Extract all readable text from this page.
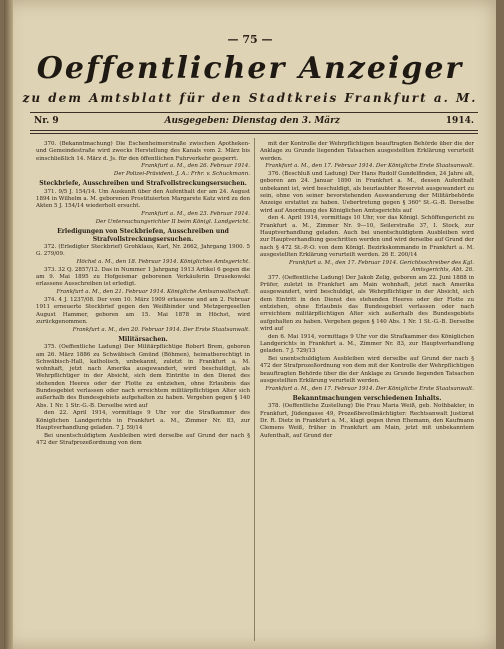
— 75 —
Oeffentlicher Anzeiger
zu dem Amtsblatt für den Stadtkreis Frankfurt a. M.
Nr. 9	Ausgegeben: Dienstag den 3. März	1914.

370. (Bekanntmachung) Die Eschenheimerstraße zwischen Apotheken- und Gemeindestraße wird zwecks Herstellung des Kanals vom 2. März bis einschließlich 14. März d. Js. für den öffentlichen Fuhrverkehr gesperrt.

Frankfurt a. M., den 26. Februar 1914.

Der Polizei-Präsident. J. A.: Frhr. v. Schuckmann.

Steckbriefe, Ausschreiben und Strafvollstreckungsersuchen.

371. 9/5 J. 154/14. Um Auskunft über den Aufenthalt der am 24. August 1894 in Wilhelm a. M. geborenen Prostituierten Margarete Katz wird zu den Akten 5 J. 154/14 wiederholt ersucht.

Frankfurt a. M., den 23. Februar 1914.

Der Untersuchungsrichter II beim Königl. Landgericht.

Erledigungen von Steckbriefen, Ausschreiben und Strafvollstreckungsersuchen.

372. (Erledigter Steckbrief) Grohklaus, Karl, Nr. 2662, Jahrgang 1900. 5 G. 279/09.

Höchst a. M., den 18. Februar 1914. Königliches Amtsgericht.

373. 32 Q. 2857/12. Das in Nummer 1 Jahrgang 1913 Artikel 6 gegen die am 9. Mai 1895 zu Hofgeismar geborenen Verkäuferin Drusekowski erlassene Ausschreiben ist erledigt.

Frankfurt a. M., den 21. Februar 1914. Königliche Amtsanwaltschaft.

374. 4 J. 1237/08. Der vom 10. März 1909 erlassene und am 2. Februar 1911 erneuerte Steckbrief gegen den Weißbinder und Metzgergesellen August Hammer, geboren am 15. Mai 1878 in Höchst, wird zurückgenommen.

Frankfurt a. M., den 20. Februar 1914. Der Erste Staatsanwalt.

Militärsachen.

375. (Oeffentliche Ladung) Der Militärpflichtige Robert Brem, geboren am 26. März 1886 zu Schwäbisch Gmünd (Böhmen), heimatberechtigt in Schwäbisch-Hall, katholisch, unbekannt, zuletzt in Frankfurt a. M. wohnhaft, jetzt nach Amerika ausgewandert, wird beschuldigt, als Wehrpflichtiger in der Absicht, sich dem Eintritte in den Dienst des stehenden Heeres oder der Flotte zu entziehen, ohne Erlaubnis das Bundesgebiet verlassen oder nach erreichtem militärpflichtigen Alter sich außerhalb des Bundesgebiets aufgehalten zu haben. Vergehen gegen § 140 Abs. 1 Nr. 1 Str.-G.-B. Derselbe wird auf

den 22. April 1914, vormittags 9 Uhr vor die Strafkammer des Königlichen Landgerichts in Frankfurt a. M., Zimmer Nr. 83, zur Hauptverhandlung geladen. 7 J. 59/14

Bei unentschuldigtem Ausbleiben wird derselbe auf Grund der nach § 472 der Strafprozeßordnung von dem

mit der Kontrolle der Wehrpflichtigen beauftragten Behörde über die der Anklage zu Grunde liegenden Tatsachen ausgestellten Erklärung verurteilt werden.

Frankfurt a. M., den 17. Februar 1914. Der Königliche Erste Staatsanwalt.

376. (Beschluß und Ladung) Der Hans Rudolf Gundelfinden, 24 Jahre alt, geboren am 24. Januar 1890 in Frankfurt a. M., dessen Aufenthalt unbekannt ist, wird beschuldigt, als beurlaubter Reservist ausgewandert zu sein, ohne von seiner bevorstehenden Auswanderung der Militärbehörde Anzeige erstattet zu haben. Uebertretung gegen § 360³ St.-G.-B. Derselbe wird auf Anordnung des Königlichen Amtsgerichts auf

den 4. April 1914, vormittags 10 Uhr, vor das Königl. Schöffengericht zu Frankfurt a. M., Zimmer Nr. 9—10, Seilerstraße 37, I. Stock, zur Hauptverhandlung geladen. Auch bei unentschuldigtem Ausbleiben wird zur Hauptverhandlung geschritten werden und wird derselbe auf Grund der nach § 472 St.-P.-O. von dem Königl. Bezirkskommando in Frankfurt a. M. ausgestellten Erklärung verurteilt werden. 26 E. 200/14

Frankfurt a. M., den 17. Februar 1914. Gerichtsschreiber des Kgl. Amtsgerichts, Abt. 26.

377. (Oeffentliche Ladung) Der Jakob Zelig, geboren am 22. Juni 1888 in Prüfer, zuletzt in Frankfurt am Main wohnhaft, jetzt nach Amerika ausgewandert, wird beschuldigt, als Wehrpflichtiger in der Absicht, sich dem Eintritt in den Dienst des stehenden Heeres oder der Flotte zu entziehen, ohne Erlaubnis das Bundesgebiet verlassen oder nach erreichtem militärpflichtigen Alter sich außerhalb des Bundesgebiets aufgehalten zu haben. Vergehen gegen § 140 Abs. 1 Nr. 1 St.-G.-B. Derselbe wird auf

den 6. Mai 1914, vormittags 9 Uhr vor die Strafkammer des Königlichen Landgerichts in Frankfurt a. M., Zimmer Nr. 83, zur Hauptverhandlung geladen. 7 J. 729/13

Bei unentschuldigtem Ausbleiben wird derselbe auf Grund der nach § 472 der Strafprozeßordnung von dem mit der Kontrolle der Wehrpflichtigen beauftragten Behörde über die der Anklage zu Grunde liegenden Tatsachen ausgestellten Erklärung verurteilt werden.

Frankfurt a. M., den 17. Februar 1914. Der Königliche Erste Staatsanwalt.

Bekanntmachungen verschiedenen Inhalts.

378. (Oeffentliche Zustellung) Die Frau Maria Weiß, geb. Nothbakter, in Frankfurt, Jüdengasse 49, Prozeßbevollmächtigter: Rechtsanwalt Justizrat Dr. R. Dietz in Frankfurt a. M., klagt gegen ihren Ehemann, den Kaufmann Clemens Weiß, früher in Frankfurt am Main, jetzt mit unbekanntem Aufenthalt, auf Grund der
